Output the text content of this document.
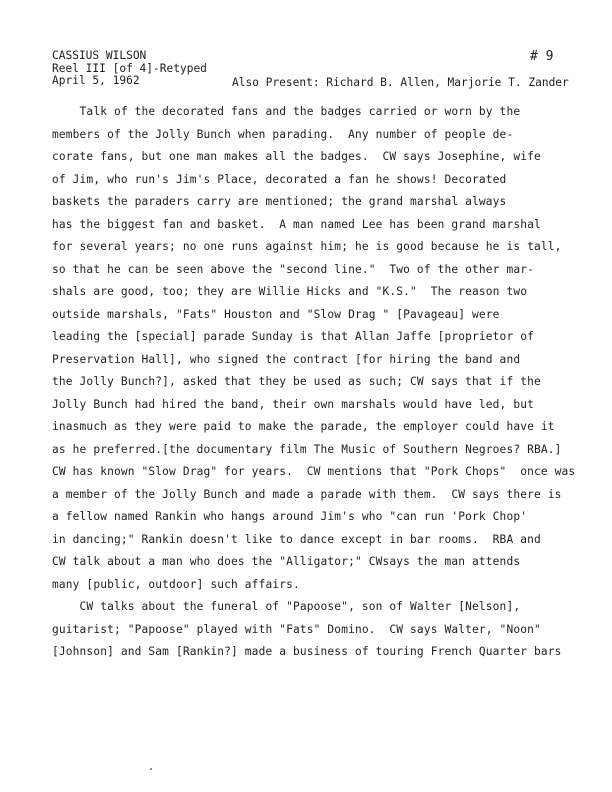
CASSIUS WILSON
Reel III [of 4]-Retyped
April 5, 1962	Also Present: Richard B. Allen, Marjorie T. Zander
# 9
Talk of the decorated fans and the badges carried or worn by the
members of the Jolly Bunch when parading.  Any number of people de-
corate fans, but one man makes all the badges.  CW says Josephine, wife
of Jim, who run's Jim's Place, decorated a fan he shows! Decorated
baskets the paraders carry are mentioned; the grand marshal always
has the biggest fan and basket.  A man named Lee has been grand marshal
for several years; no one runs against him; he is good because he is tall,
so that he can be seen above the "second line."  Two of the other mar-
shals are good, too; they are Willie Hicks and "K.S."  The reason two
outside marshals, "Fats" Houston and "Slow Drag " [Pavageau] were
leading the [special] parade Sunday is that Allan Jaffe [proprietor of
Preservation Hall], who signed the contract [for hiring the band and
the Jolly Bunch?], asked that they be used as such; CW says that if the
Jolly Bunch had hired the band, their own marshals would have led, but
inasmuch as they were paid to make the parade, the employer could have it
as he preferred.[the documentary film The Music of Southern Negroes? RBA.]
CW has known "Slow Drag" for years.  CW mentions that "Pork Chops"  once was
a member of the Jolly Bunch and made a parade with them.  CW says there is
a fellow named Rankin who hangs around Jim's who "can run 'Pork Chop'
in dancing;" Rankin doesn't like to dance except in bar rooms.  RBA and
CW talk about a man who does the "Alligator;" CWsays the man attends
many [public, outdoor] such affairs.
CW talks about the funeral of "Papoose", son of Walter [Nelson],
guitarist; "Papoose" played with "Fats" Domino.  CW says Walter, "Noon"
[Johnson] and Sam [Rankin?] made a business of touring French Quarter bars
